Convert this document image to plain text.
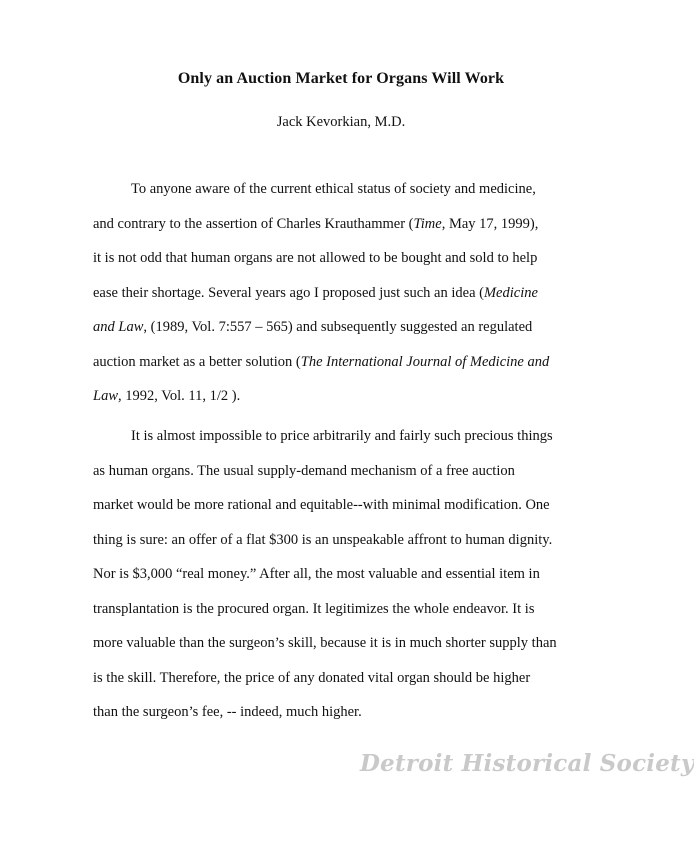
Only an Auction Market for Organs Will Work
Jack Kevorkian, M.D.
To anyone aware of the current ethical status of society and medicine,
and contrary to the assertion of Charles Krauthammer (Time, May 17, 1999),
it is not odd that human organs are not allowed to be bought and sold to help
ease their shortage. Several years ago I proposed just such an idea (Medicine
and Law, (1989, Vol. 7:557 – 565) and subsequently suggested an regulated
auction market as a better solution (The International Journal of Medicine and
Law, 1992, Vol. 11, 1/2 ).
It is almost impossible to price arbitrarily and fairly such precious things
as human organs. The usual supply-demand mechanism of a free auction
market would be more rational and equitable--with minimal modification. One
thing is sure: an offer of a flat $300 is an unspeakable affront to human dignity.
Nor is $3,000 “real money.” After all, the most valuable and essential item in
transplantation is the procured organ. It legitimizes the whole endeavor. It is
more valuable than the surgeon’s skill, because it is in much shorter supply than
is the skill. Therefore, the price of any donated vital organ should be higher
than the surgeon’s fee, -- indeed, much higher.
Detroit Historical Society
